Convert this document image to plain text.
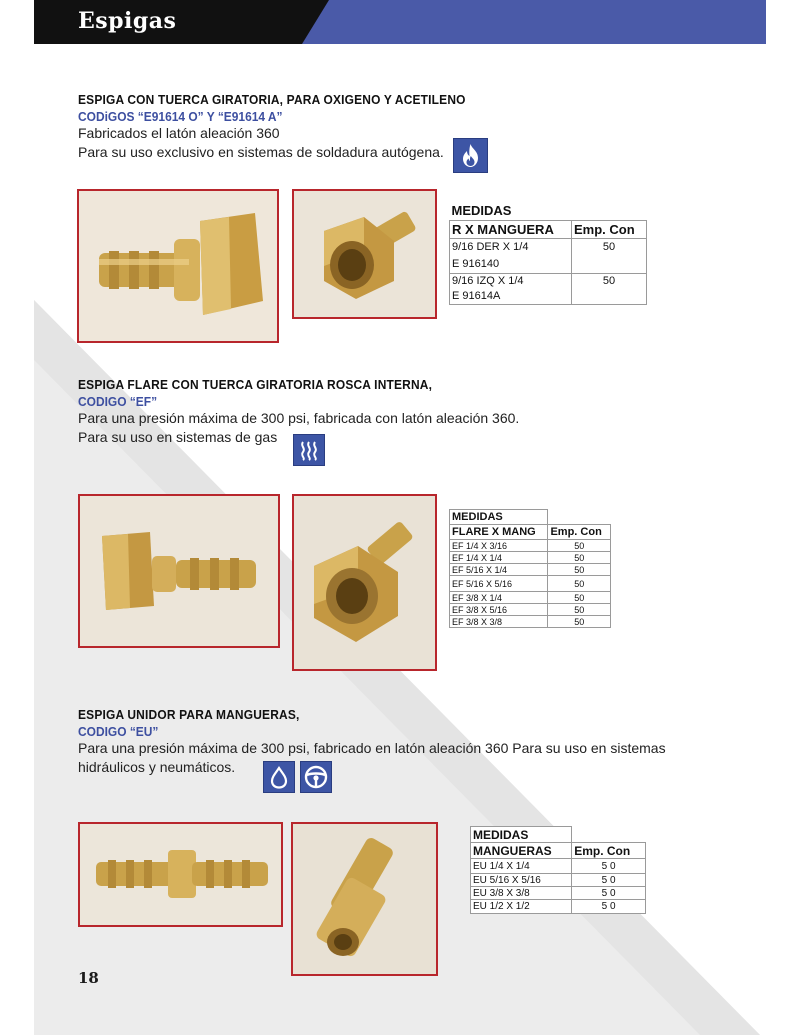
Espigas
ESPIGA CON TUERCA GIRATORIA, PARA OXIGENO Y ACETILENO
CODiGOS “E91614 O” Y “E91614 A”
Fabricados el latón aleación 360
Para su uso exclusivo en sistemas de soldadura autógena.
MEDIDAS	
R X MANGUERA	Emp. Con

9/16 DER X 1/4
E 916140	50

9/16 IZQ X 1/4
E 91614A	50
ESPIGA FLARE CON TUERCA GIRATORIA ROSCA INTERNA,
CODIGO “EF”
Para una presión máxima de 300 psi, fabricada con latón aleación 360.
Para su uso en sistemas de gas
MEDIDAS	
FLARE X MANG	Emp. Con
EF 1/4 X 3/16	50
EF 1/4 X 1/4	50
EF 5/16 X 1/4	50
EF 5/16 X 5/16	50
EF 3/8 X 1/4	50
EF 3/8 X 5/16	50
EF 3/8 X 3/8	50
ESPIGA UNIDOR PARA MANGUERAS,
CODIGO “EU”
Para una presión máxima de 300 psi, fabricado en latón aleación 360 Para su uso en sistemas
hidráulicos y neumáticos.
MEDIDAS	
MANGUERAS	Emp. Con
EU 1/4 X 1/4	5 0
EU 5/16 X 5/16	5 0
EU 3/8 X 3/8	5 0
EU 1/2 X 1/2	5 0
18
